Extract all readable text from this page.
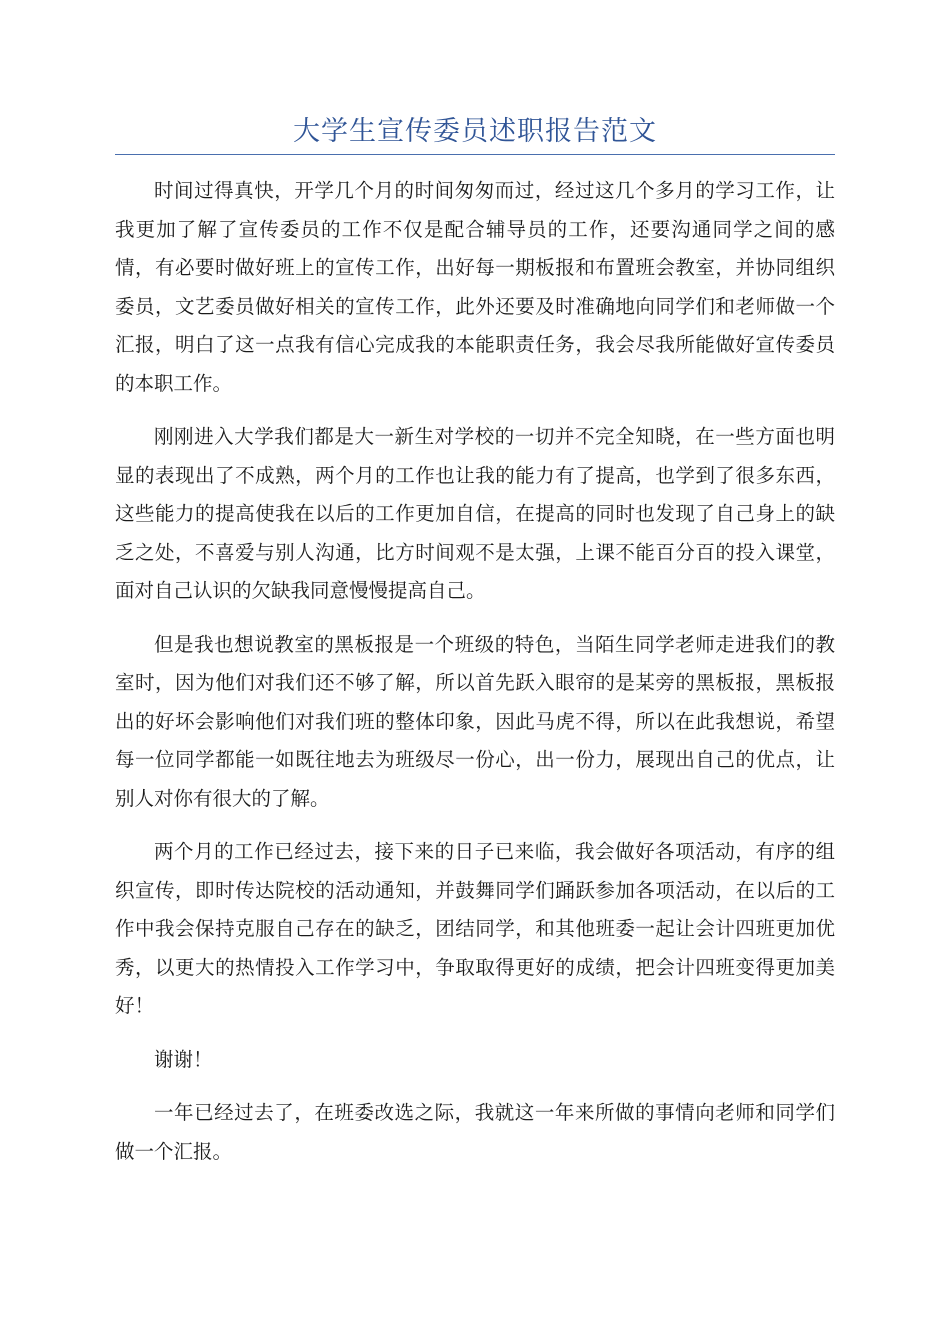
大学生宣传委员述职报告范文

时间过得真快，开学几个月的时间匆匆而过，经过这几个多月的学习工作，让我更加了解了宣传委员的工作不仅是配合辅导员的工作，还要沟通同学之间的感情，有必要时做好班上的宣传工作，出好每一期板报和布置班会教室，并协同组织委员，文艺委员做好相关的宣传工作，此外还要及时准确地向同学们和老师做一个汇报，明白了这一点我有信心完成我的本能职责任务，我会尽我所能做好宣传委员的本职工作。

刚刚进入大学我们都是大一新生对学校的一切并不完全知晓，在一些方面也明显的表现出了不成熟，两个月的工作也让我的能力有了提高，也学到了很多东西，这些能力的提高使我在以后的工作更加自信，在提高的同时也发现了自己身上的缺乏之处，不喜爱与别人沟通，比方时间观不是太强，上课不能百分百的投入课堂，面对自己认识的欠缺我同意慢慢提高自己。

但是我也想说教室的黑板报是一个班级的特色，当陌生同学老师走进我们的教室时，因为他们对我们还不够了解，所以首先跃入眼帘的是某旁的黑板报，黑板报出的好坏会影响他们对我们班的整体印象，因此马虎不得，所以在此我想说，希望每一位同学都能一如既往地去为班级尽一份心，出一份力，展现出自己的优点，让别人对你有很大的了解。

两个月的工作已经过去，接下来的日子已来临，我会做好各项活动，有序的组织宣传，即时传达院校的活动通知，并鼓舞同学们踊跃参加各项活动，在以后的工作中我会保持克服自己存在的缺乏，团结同学，和其他班委一起让会计四班更加优秀，以更大的热情投入工作学习中，争取取得更好的成绩，把会计四班变得更加美好！

谢谢！

一年已经过去了，在班委改选之际，我就这一年来所做的事情向老师和同学们做一个汇报。
